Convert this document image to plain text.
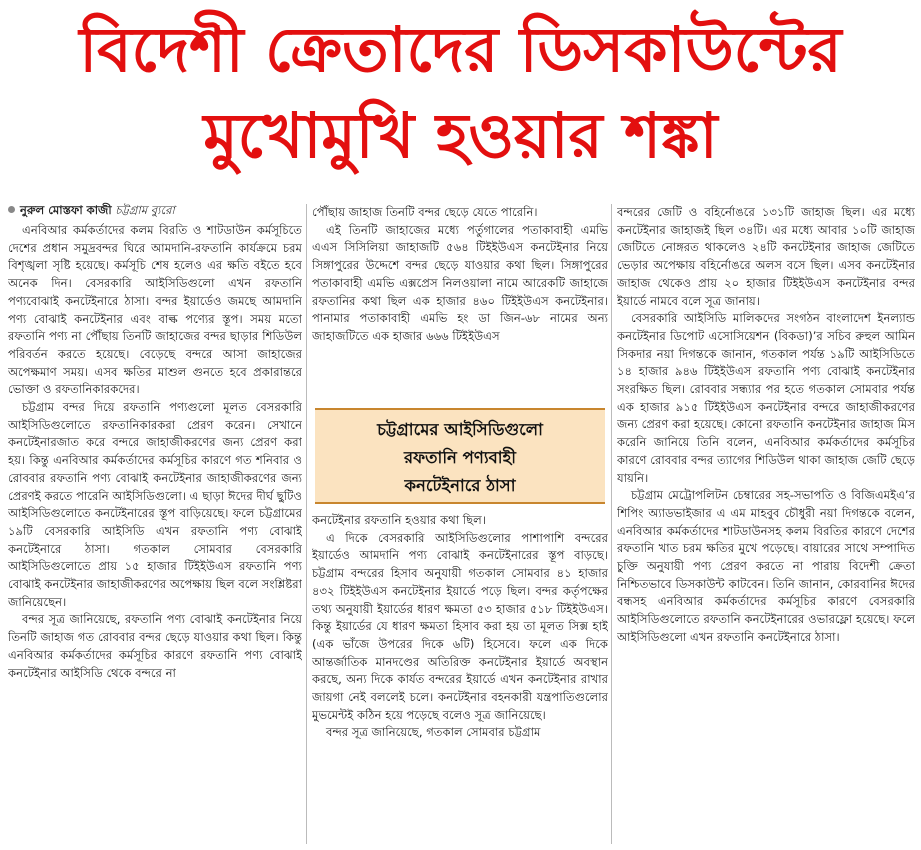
বিদেশী ক্রেতাদের ডিসকাউন্টের
মুখোমুখি হওয়ার শঙ্কা
নুরুল মোস্তফা কাজী চট্টগ্রাম ব্যুরো

এনবিআর কর্মকর্তাদের কলম বিরতি ও শাটডাউন কর্মসূচিতে দেশের প্রধান সমুদ্রবন্দর ঘিরে আমদানি-রফতানি কার্যক্রমে চরম বিশৃঙ্খলা সৃষ্টি হয়েছে। কর্মসূচি শেষ হলেও এর ক্ষতি বইতে হবে অনেক দিন। বেসরকারি আইসিডিগুলো এখন রফতানি পণ্যবোঝাই কনটেইনারে ঠাসা। বন্দর ইয়ার্ডেও জমছে আমদানি পণ্য বোঝাই কনটেইনার এবং বাল্ক পণ্যের স্তূপ। সময় মতো রফতানি পণ্য না পৌঁছায় তিনটি জাহাজের বন্দর ছাড়ার শিডিউল পরিবর্তন করতে হয়েছে। বেড়েছে বন্দরে আসা জাহাজের অপেক্ষমাণ সময়। এসব ক্ষতির মাশুল গুনতে হবে প্রকারান্তরে ভোক্তা ও রফতানিকারকদের।

চট্টগ্রাম বন্দর দিয়ে রফতানি পণ্যগুলো মূলত বেসরকারি আইসিডিগুলোতে রফতানিকারকরা প্রেরণ করেন। সেখানে কনটেইনারজাত করে বন্দরে জাহাজীকরণের জন্য প্রেরণ করা হয়। কিন্তু এনবিআর কর্মকর্তাদের কর্মসূচির কারণে গত শনিবার ও রোববার রফতানি পণ্য বোঝাই কনটেইনার জাহাজীকরণের জন্য প্রেরণই করতে পারেনি আইসিডিগুলো। এ ছাড়া ঈদের দীর্ঘ ছুটিও আইসিডিগুলোতে কনটেইনারের স্তূপ বাড়িয়েছে। ফলে চট্টগ্রামের ১৯টি বেসরকারি আইসিডি এখন রফতানি পণ্য বোঝাই কনটেইনারে ঠাসা। গতকাল সোমবার বেসরকারি আইসিডিগুলোতে প্রায় ১৫ হাজার টিইইউএস রফতানি পণ্য বোঝাই কনটেইনার জাহাজীকরণের অপেক্ষায় ছিল বলে সংশ্লিষ্টরা জানিয়েছেন।

বন্দর সূত্র জানিয়েছে, রফতানি পণ্য বোঝাই কনটেইনার নিয়ে তিনটি জাহাজ গত রোববার বন্দর ছেড়ে যাওয়ার কথা ছিল। কিন্তু এনবিআর কর্মকর্তাদের কর্মসূচির কারণে রফতানি পণ্য বোঝাই কনটেইনার আইসিডি থেকে বন্দরে না

পৌঁছায় জাহাজ তিনটি বন্দর ছেড়ে যেতে পারেনি।

এই তিনটি জাহাজের মধ্যে পর্তুগালের পতাকাবাহী এমভি এএস সিসিলিয়া জাহাজটি ৫৬৪ টিইইউএস কনটেইনার নিয়ে সিঙ্গাপুরের উদ্দেশে বন্দর ছেড়ে যাওয়ার কথা ছিল। সিঙ্গাপুরের পতাকাবাহী এমভি এক্সপ্রেস নিলওয়ালা নামে আরেকটি জাহাজে রফতানির কথা ছিল এক হাজার ৪৬০ টিইইউএস কনটেইনার। পানামার পতাকাবাহী এমভি হং ডা জিন-৬৮ নামের অন্য জাহাজটিতে এক হাজার ৬৬৬ টিইইউএস

চট্টগ্রামের আইসিডিগুলো
রফতানি পণ্যবাহী
কনটেইনারে ঠাসা

কনটেইনার রফতানি হওয়ার কথা ছিল।

এ দিকে বেসরকারি আইসিডিগুলোর পাশাপাশি বন্দরের ইয়ার্ডেও আমদানি পণ্য বোঝাই কনটেইনারের স্তূপ বাড়ছে। চট্টগ্রাম বন্দরের হিসাব অনুযায়ী গতকাল সোমবার ৪১ হাজার ৪৩২ টিইইউএস কনটেইনার ইয়ার্ডে পড়ে ছিল। বন্দর কর্তৃপক্ষের তথ্য অনুযায়ী ইয়ার্ডের ধারণ ক্ষমতা ৫৩ হাজার ৫১৮ টিইইউএস। কিন্তু ইয়ার্ডের যে ধারণ ক্ষমতা হিসাব করা হয় তা মূলত সিক্স হাই (এক ভাঁজে উপরের দিকে ৬টি) হিসেবে। ফলে এক দিকে আন্তর্জাতিক মানদণ্ডের অতিরিক্ত কনটেইনার ইয়ার্ডে অবস্থান করছে, অন্য দিকে কার্যত বন্দরের ইয়ার্ডে এখন কনটেইনার রাখার জায়গা নেই বললেই চলে। কনটেইনার বহনকারী যন্ত্রপাতিগুলোর মুভমেন্টই কঠিন হয়ে পড়েছে বলেও সূত্র জানিয়েছে।

বন্দর সূত্র জানিয়েছে, গতকাল সোমবার চট্টগ্রাম

বন্দরের জেটি ও বহির্নোঙরে ১৩১টি জাহাজ ছিল। এর মধ্যে কনটেইনার জাহাজই ছিল ৩৪টি। এর মধ্যে আবার ১০টি জাহাজ জেটিতে নোঙ্গরত থাকলেও ২৪টি কনটেইনার জাহাজ জেটিতে ভেড়ার অপেক্ষায় বহির্নোঙরে অলস বসে ছিল। এসব কনটেইনার জাহাজ থেকেও প্রায় ২০ হাজার টিইইউএস কনটেইনার বন্দর ইয়ার্ডে নামবে বলে সূত্র জানায়।

বেসরকারি আইসিডি মালিকদের সংগঠন বাংলাদেশ ইনল্যান্ড কনটেইনার ডিপোট এসোসিয়েশন (বিকডা)’র সচিব রুহুল আমিন সিকদার নয়া দিগন্তকে জানান, গতকাল পর্যন্ত ১৯টি আইসিডিতে ১৪ হাজার ৯৪৬ টিইইউএস রফতানি পণ্য বোঝাই কনটেইনার সংরক্ষিত ছিল। রোববার সন্ধ্যার পর হতে গতকাল সোমবার পর্যন্ত এক হাজার ৯১৫ টিইইউএস কনটেইনার বন্দরে জাহাজীকরণের জন্য প্রেরণ করা হয়েছে। কোনো রফতানি কনটেইনার জাহাজ মিস করেনি জানিয়ে তিনি বলেন, এনবিআর কর্মকর্তাদের কর্মসূচির কারণে রোববার বন্দর ত্যাগের শিডিউল থাকা জাহাজ জেটি ছেড়ে যায়নি।

চট্টগ্রাম মেট্রোপলিটন চেম্বারের সহ-সভাপতি ও বিজিএমইএ’র শিপিং অ্যাডভাইজার এ এম মাহবুব চৌধুরী নয়া দিগন্তকে বলেন, এনবিআর কর্মকর্তাদের শাটডাউনসহ কলম বিরতির কারণে দেশের রফতানি খাত চরম ক্ষতির মুখে পড়েছে। বায়ারের সাথে সম্পাদিত চুক্তি অনুযায়ী পণ্য প্রেরণ করতে না পারায় বিদেশী ক্রেতা নিশ্চিতভাবে ডিসকাউন্ট কাটবেন। তিনি জানান, কোরবানির ঈদের বন্ধসহ এনবিআর কর্মকর্তাদের কর্মসূচির কারণে বেসরকারি আইসিডিগুলোতে রফতানি কনটেইনারের ওভারফ্লো হয়েছে। ফলে আইসিডিগুলো এখন রফতানি কনটেইনারে ঠাসা।
